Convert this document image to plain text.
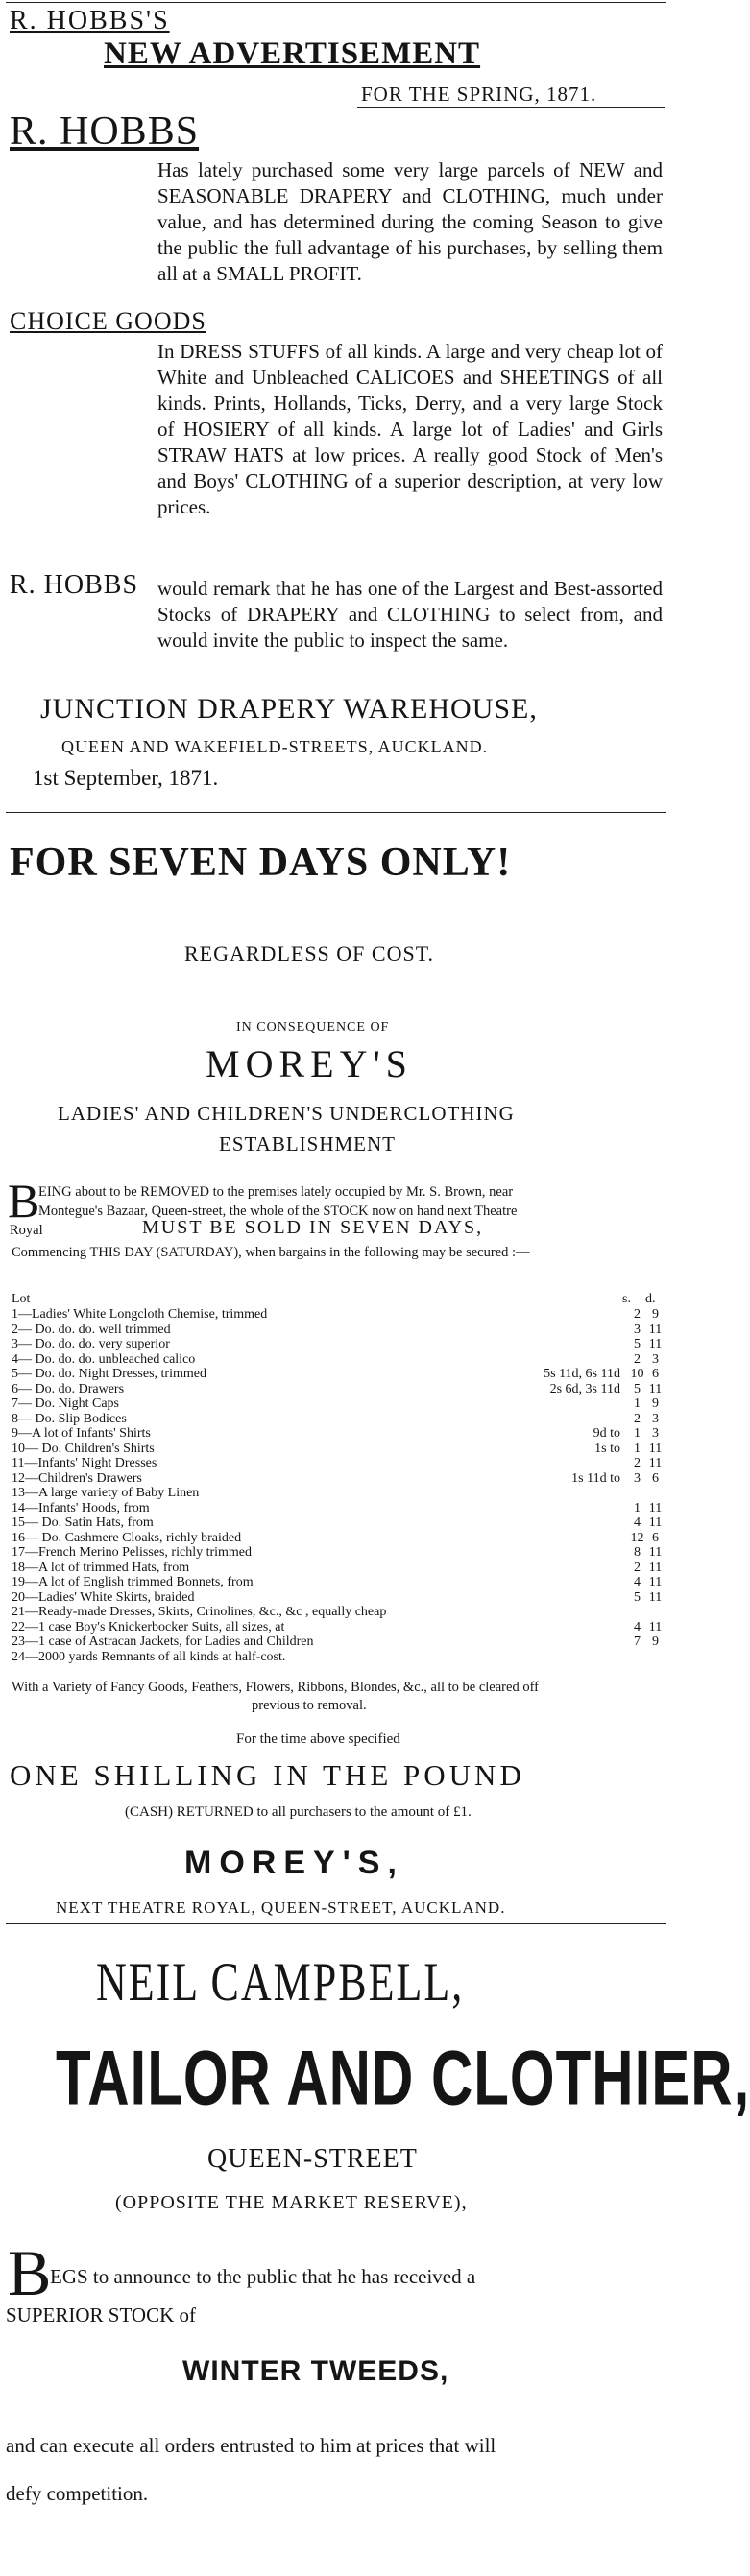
R. HOBBS'S
NEW ADVERTISEMENT
FOR THE SPRING, 1871.
R. HOBBS
Has lately purchased some very large parcels of NEW and SEASONABLE DRAPERY and CLOTHING, much under value, and has determined during the coming Season to give the public the full advantage of his purchases, by selling them all at a SMALL PROFIT.
CHOICE GOODS
In DRESS STUFFS of all kinds. A large and very cheap lot of White and Unbleached CALICOES and SHEETINGS of all kinds. Prints, Hollands, Ticks, Derry, and a very large Stock of HOSIERY of all kinds. A large lot of Ladies' and Girls STRAW HATS at low prices. A really good Stock of Men's and Boys' CLOTHING of a superior description, at very low prices.
R. HOBBS would remark that he has one of the Largest and Best-assorted Stocks of DRAPERY and CLOTHING to select from, and would invite the public to inspect the same.
JUNCTION DRAPERY WAREHOUSE,
QUEEN AND WAKEFIELD-STREETS, AUCKLAND.
1st September, 1871.
FOR SEVEN DAYS ONLY!
REGARDLESS OF COST.
IN CONSEQUENCE OF
MOREY'S
LADIES' AND CHILDREN'S UNDERCLOTHING
ESTABLISHMENT
B
EING about to be REMOVED to the premises lately occupied by Mr. S. Brown, near
Montegue's Bazaar, Queen-street, the whole of the STOCK now on hand next Theatre
Royal	MUST BE SOLD IN SEVEN DAYS,
Commencing THIS DAY (SATURDAY), when bargains in the following may be secured :—
Lot	s. d.
1—Ladies' White Longcloth Chemise, trimmed		2	9
2— Do. do. do. well trimmed		3	11
3— Do. do. do. very superior		5	11
4— Do. do. do. unbleached calico		2	3
5— Do. do. Night Dresses, trimmed	5s 11d, 6s 11d	10	6
6— Do. do. Drawers	2s 6d, 3s 11d	5	11
7— Do. Night Caps		1	9
8— Do. Slip Bodices		2	3
9—A lot of Infants' Shirts	9d to	1	3
10— Do. Children's Shirts	1s to	1	11
11—Infants' Night Dresses		2	11
12—Children's Drawers	1s 11d to	3	6
13—A large variety of Baby Linen			
14—Infants' Hoods, from		1	11
15— Do. Satin Hats, from		4	11
16— Do. Cashmere Cloaks, richly braided		12	6
17—French Merino Pelisses, richly trimmed		8	11
18—A lot of trimmed Hats, from		2	11
19—A lot of English trimmed Bonnets, from		4	11
20—Ladies' White Skirts, braided		5	11
21—Ready-made Dresses, Skirts, Crinolines, &c., &c , equally cheap			
22—1 case Boy's Knickerbocker Suits, all sizes, at		4	11
23—1 case of Astracan Jackets, for Ladies and Children		7	9
24—2000 yards Remnants of all kinds at half-cost.			
With a Variety of Fancy Goods, Feathers, Flowers, Ribbons, Blondes, &c., all to be cleared off
previous to removal.
For the time above specified
ONE SHILLING IN THE POUND
(CASH) RETURNED to all purchasers to the amount of £1.
MOREY'S,
NEXT THEATRE ROYAL, QUEEN-STREET, AUCKLAND.
NEIL CAMPBELL,
TAILOR AND CLOTHIER,
QUEEN-STREET
(OPPOSITE THE MARKET RESERVE),
B
EGS to announce to the public that he has received a
SUPERIOR STOCK of
WINTER TWEEDS,
and can execute all orders entrusted to him at prices that will
defy competition.
